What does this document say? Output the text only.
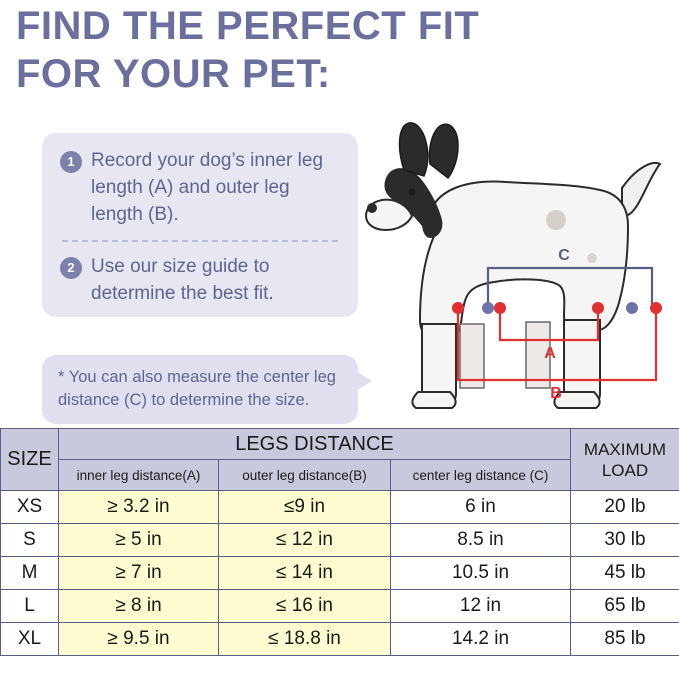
FIND THE PERFECT FIT
FOR YOUR PET:
1 Record your dog’s inner leg length (A) and outer leg length (B).
2 Use our size guide to determine the best fit.
* You can also measure the center leg distance (C) to determine the size.
C
A
B
SIZE	LEGS DISTANCE			MAXIMUM
LOAD

	inner leg distance(A)	outer leg distance(B)	center leg distance (C)	
XS	≥ 3.2 in	≤9 in	6 in	20 lb
S	≥ 5 in	≤ 12 in	8.5 in	30 lb
M	≥ 7 in	≤ 14 in	10.5 in	45 lb
L	≥ 8 in	≤ 16 in	12 in	65 lb
XL	≥ 9.5 in	≤ 18.8 in	14.2 in	85 lb
